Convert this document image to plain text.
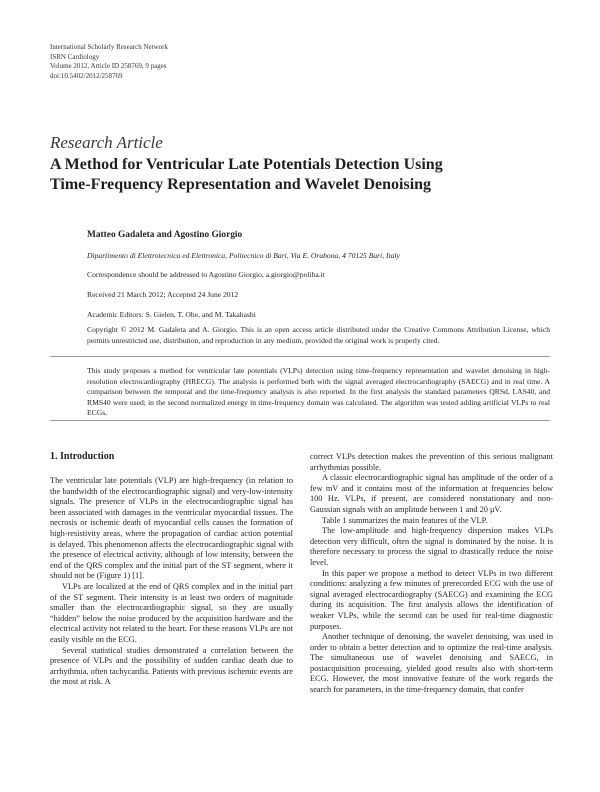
International Scholarly Research Network
ISRN Cardiology
Volume 2012, Article ID 258769, 9 pages
doi:10.5402/2012/258769
Research Article
A Method for Ventricular Late Potentials Detection Using
Time-Frequency Representation and Wavelet Denoising
Matteo Gadaleta and Agostino Giorgio
Dipartimento di Elettrotecnica ed Elettronica, Politecnico di Bari, Via E. Orabona, 4 70125 Bari, Italy
Correspondence should be addressed to Agostino Giorgio, a.giorgio@poliba.it
Received 21 March 2012; Accepted 24 June 2012
Academic Editors: S. Gielen, T. Ohe, and M. Takahashi
Copyright © 2012 M. Gadaleta and A. Giorgio. This is an open access article distributed under the Creative Commons Attribution License, which permits unrestricted use, distribution, and reproduction in any medium, provided the original work is properly cited.
This study proposes a method for ventricular late potentials (VLPs) detection using time-frequency representation and wavelet denoising in high-resolution electrocardiography (HRECG). The analysis is performed both with the signal averaged electrocardiography (SAECG) and in real time. A comparison between the temporal and the time-frequency analysis is also reported. In the first analysis the standard parameters QRSd, LAS40, and RMS40 were used; in the second normalized energy in time-frequency domain was calculated. The algorithm was tested adding artificial VLPs to real ECGs.
1. Introduction

The ventricular late potentials (VLP) are high-frequency (in relation to the bandwidth of the electrocardiographic signal) and very-low-intensity signals. The presence of VLPs in the electrocardiographic signal has been associated with damages in the ventricular myocardial tissues. The necrosis or ischemic death of myocardial cells causes the formation of high-resistivity areas, where the propagation of cardiac action potential is delayed. This phenomenon affects the electrocardiographic signal with the presence of electrical activity, although of low intensity, between the end of the QRS complex and the initial part of the ST segment, where it should not be (Figure 1) [1].

VLPs are localized at the end of QRS complex and in the initial part of the ST segment. Their intensity is at least two orders of magnitude smaller than the electrocardiographic signal, so they are usually “hidden” below the noise produced by the acquisition hardware and the electrical activity not related to the heart. For these reasons VLPs are not easily visible on the ECG.

Several statistical studies demonstrated a correlation between the presence of VLPs and the possibility of sudden cardiac death due to arrhythmia, often tachycardia. Patients with previous ischemic events are the most at risk. A

correct VLPs detection makes the prevention of this serious malignant arrhythmias possible.

A classic electrocardiographic signal has amplitude of the order of a few mV and it contains most of the information at frequencies below 100 Hz. VLPs, if present, are considered nonstationary and non-Gaussian signals with an amplitude between 1 and 20 μV.

Table 1 summarizes the main features of the VLP.

The low-amplitude and high-frequency dispersion makes VLPs detection very difficult, often the signal is dominated by the noise. It is therefore necessary to process the signal to drastically reduce the noise level.

In this paper we propose a method to detect VLPs in two different conditions: analyzing a few minutes of prerecorded ECG with the use of signal averaged electrocardiography (SAECG) and examining the ECG during its acquisition. The first analysis allows the identification of weaker VLPs, while the second can be used for real-time diagnostic purposes.

Another technique of denoising, the wavelet denoising, was used in order to obtain a better detection and to optimize the real-time analysis. The simultaneous use of wavelet denoising and SAECG, in postacquisition processing, yielded good results also with short-term ECG. However, the most innovative feature of the work regards the search for parameters, in the time-frequency domain, that confer
